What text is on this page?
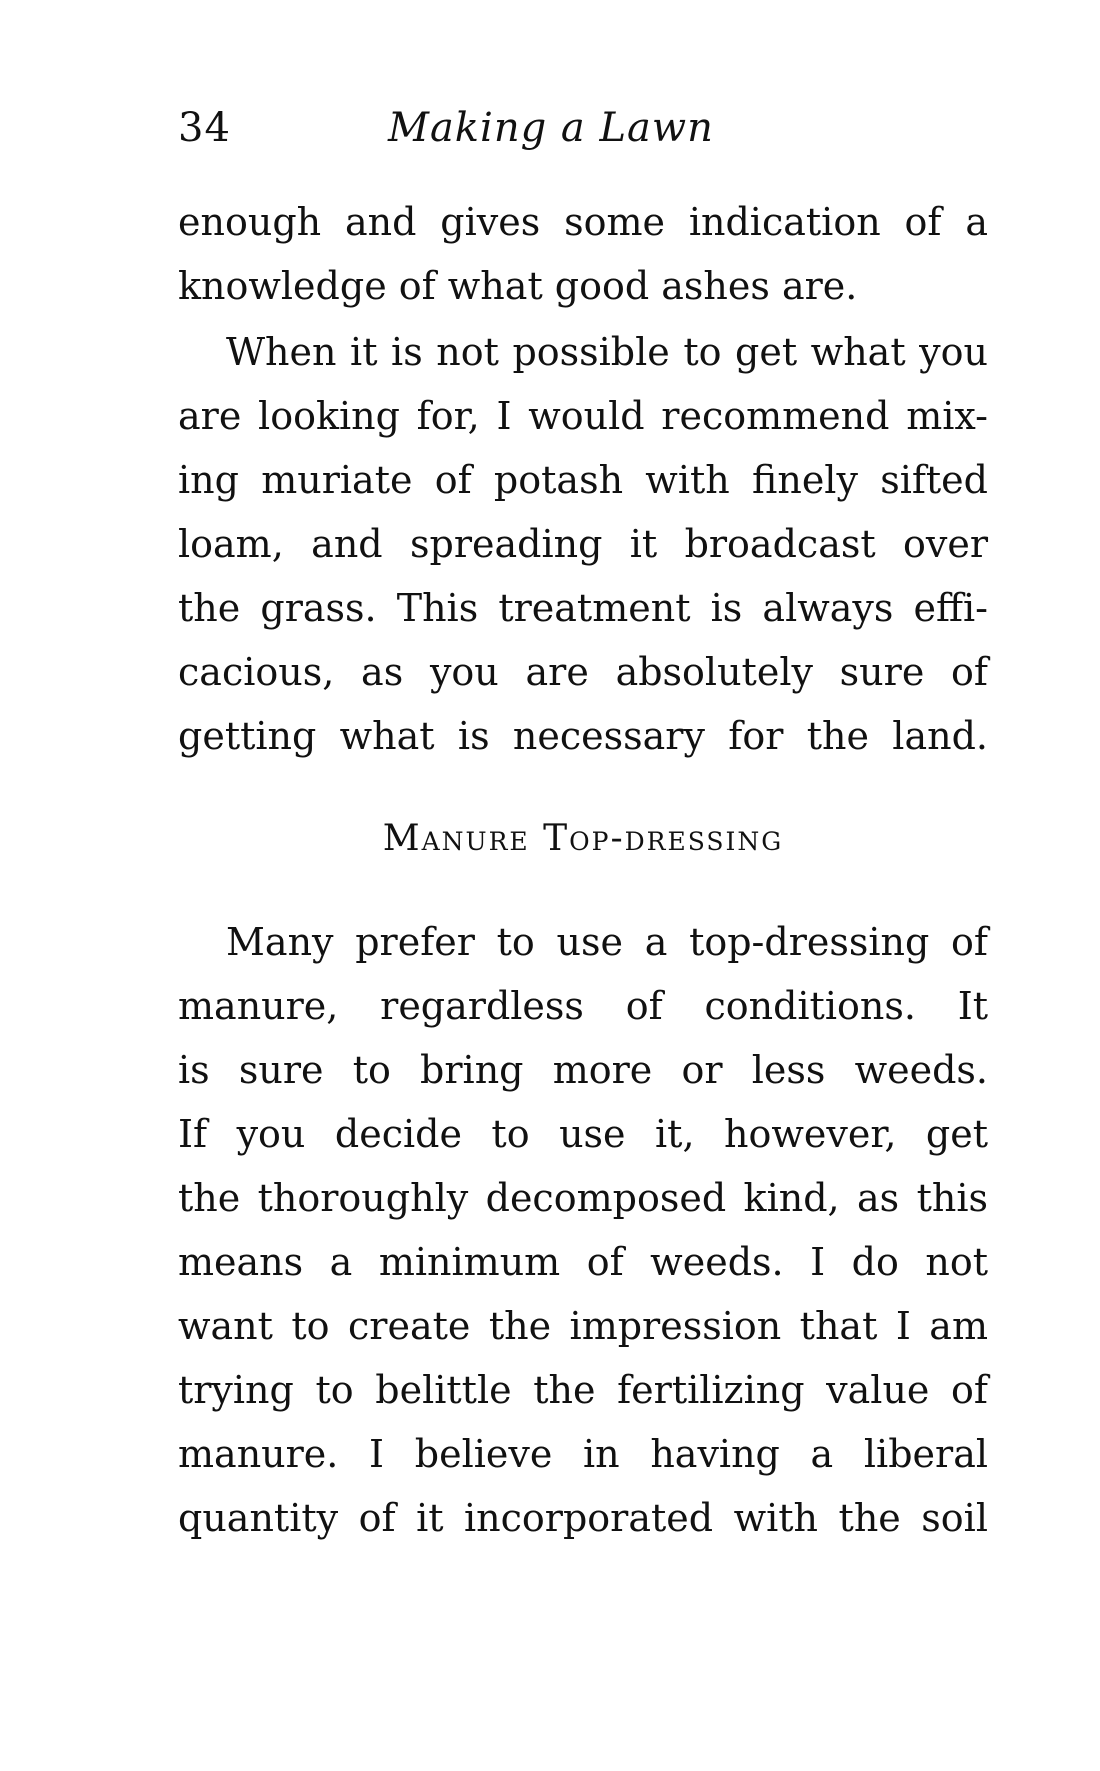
34	Making a Lawn
enough and gives some indication of a
knowledge of what good ashes are.
When it is not possible to get what you
are looking for, I would recommend mix-
ing muriate of potash with finely sifted
loam, and spreading it broadcast over
the grass. This treatment is always effi-
cacious, as you are absolutely sure of
getting what is necessary for the land.
Manure Top-dressing
Many prefer to use a top-dressing of
manure, regardless of conditions. It
is sure to bring more or less weeds.
If you decide to use it, however, get
the thoroughly decomposed kind, as this
means a minimum of weeds. I do not
want to create the impression that I am
trying to belittle the fertilizing value of
manure. I believe in having a liberal
quantity of it incorporated with the soil
